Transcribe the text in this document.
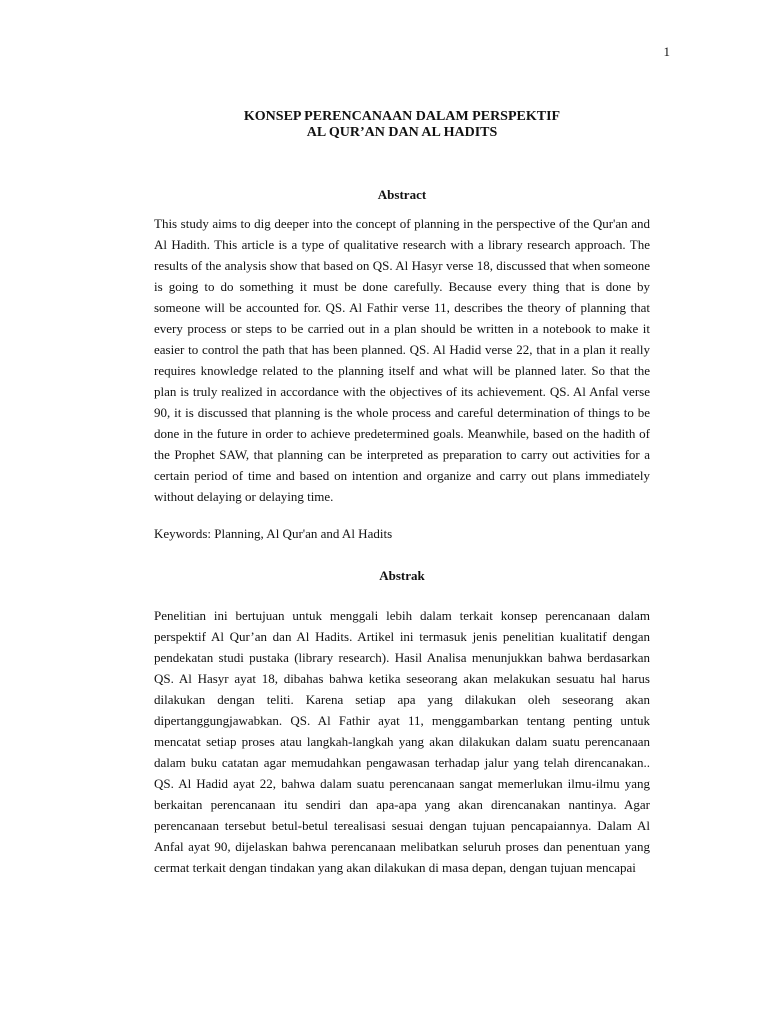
1
KONSEP PERENCANAAN DALAM PERSPEKTIF
AL QUR’AN DAN AL HADITS
Abstract

This study aims to dig deeper into the concept of planning in the perspective of the Qur'an and Al Hadith. This article is a type of qualitative research with a library research approach. The results of the analysis show that based on QS. Al Hasyr verse 18, discussed that when someone is going to do something it must be done carefully. Because every thing that is done by someone will be accounted for. QS. Al Fathir verse 11, describes the theory of planning that every process or steps to be carried out in a plan should be written in a notebook to make it easier to control the path that has been planned. QS. Al Hadid verse 22, that in a plan it really requires knowledge related to the planning itself and what will be planned later. So that the plan is truly realized in accordance with the objectives of its achievement. QS. Al Anfal verse 90, it is discussed that planning is the whole process and careful determination of things to be done in the future in order to achieve predetermined goals. Meanwhile, based on the hadith of the Prophet SAW, that planning can be interpreted as preparation to carry out activities for a certain period of time and based on intention and organize and carry out plans immediately without delaying or delaying time.

Keywords: Planning, Al Qur'an and Al Hadits
Abstrak

Penelitian ini bertujuan untuk menggali lebih dalam terkait konsep perencanaan dalam perspektif Al Qur’an dan Al Hadits. Artikel ini termasuk jenis penelitian kualitatif dengan pendekatan studi pustaka (library research). Hasil Analisa menunjukkan bahwa berdasarkan QS. Al Hasyr ayat 18, dibahas bahwa ketika seseorang akan melakukan sesuatu hal harus dilakukan dengan teliti. Karena setiap apa yang dilakukan oleh seseorang akan dipertanggungjawabkan. QS. Al Fathir ayat 11, menggambarkan tentang penting untuk mencatat setiap proses atau langkah-langkah yang akan dilakukan dalam suatu perencanaan dalam buku catatan agar memudahkan pengawasan terhadap jalur yang telah direncanakan.. QS. Al Hadid ayat 22, bahwa dalam suatu perencanaan sangat memerlukan ilmu-ilmu yang berkaitan perencanaan itu sendiri dan apa-apa yang akan direncanakan nantinya. Agar perencanaan tersebut betul-betul terealisasi sesuai dengan tujuan pencapaiannya. Dalam Al Anfal ayat 90, dijelaskan bahwa perencanaan melibatkan seluruh proses dan penentuan yang cermat terkait dengan tindakan yang akan dilakukan di masa depan, dengan tujuan mencapai
